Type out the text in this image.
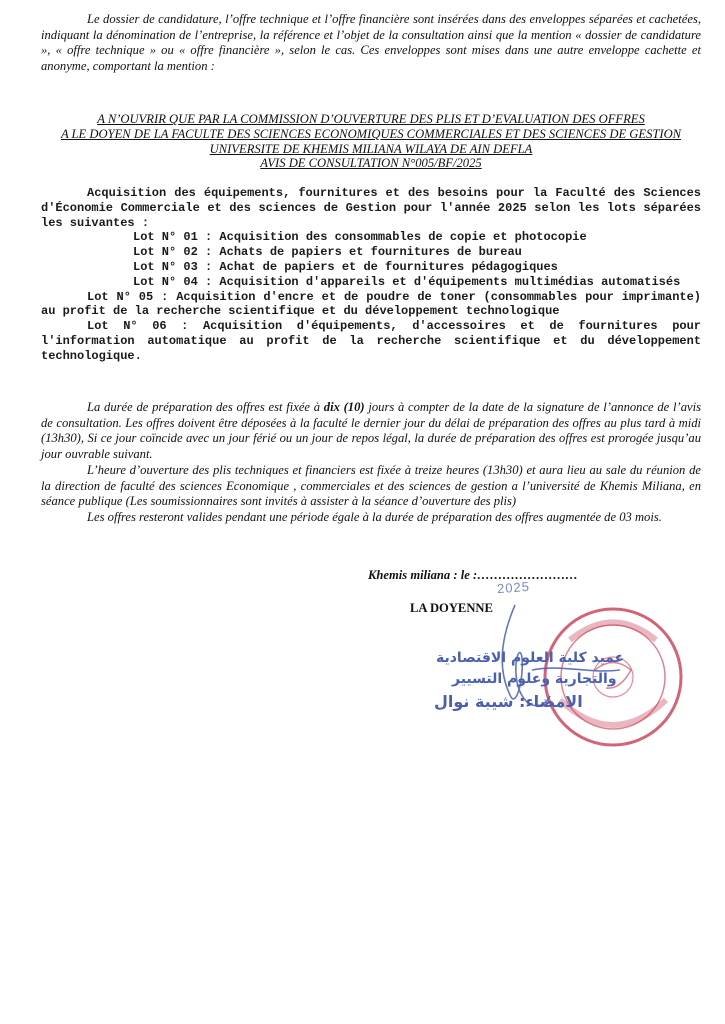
Le dossier de candidature, l’offre technique et l’offre financière sont insérées dans des enveloppes séparées et cachetées, indiquant la dénomination de l’entreprise, la référence et l’objet de la consultation ainsi que la mention « dossier de candidature », « offre technique » ou « offre financière », selon le cas. Ces enveloppes sont mises dans une autre enveloppe cachette et anonyme, comportant la mention :

A N’OUVRIR QUE PAR LA COMMISSION D’OUVERTURE DES PLIS ET D’EVALUATION DES OFFRES
A LE DOYEN DE LA FACULTE DES SCIENCES ECONOMIQUES COMMERCIALES ET DES SCIENCES DE GESTION
UNIVERSITE DE KHEMIS MILIANA WILAYA DE AIN DEFLA
AVIS DE CONSULTATION N°005/BF/2025
Acquisition des équipements, fournitures et des besoins pour la Faculté des Sciences d'Économie Commerciale et des sciences de Gestion pour l'année 2025 selon les lots séparées les suivantes :
Lot N° 01 : Acquisition des consommables de copie et photocopie
Lot N° 02 : Achats de papiers et fournitures de bureau
Lot N° 03 : Achat de papiers et de fournitures pédagogiques
Lot N° 04 : Acquisition d'appareils et d'équipements multimédias automatisés
Lot N° 05 : Acquisition d'encre et de poudre de toner (consommables pour imprimante) au profit de la recherche scientifique et du développement technologique
Lot N° 06 : Acquisition d'équipements, d'accessoires et de fournitures pour l'information automatique au profit de la recherche scientifique et du développement technologique.

La durée de préparation des offres est fixée à dix (10) jours à compter de la date de la signature de l’annonce de l’avis de consultation. Les offres doivent être déposées à la faculté le dernier jour du délai de préparation des offres au plus tard à midi (13h30), Si ce jour coïncide avec un jour férié ou un jour de repos légal, la durée de préparation des offres est prorogée jusqu’au jour ouvrable suivant.

L’heure d’ouverture des plis techniques et financiers est fixée à treize heures (13h30) et aura lieu au sale du réunion de la direction de faculté des sciences Economique , commerciales et des sciences de gestion a l’université de Khemis Miliana, en séance publique (Les soumissionnaires sont invités à assister à la séance d’ouverture des plis)

Les offres resteront valides pendant une période égale à la durée de préparation des offres augmentée de 03 mois.

Khemis miliana : le :……………………
2025
LA DOYENNE
عميد كلية العلوم الاقتصادية
والتجارية وعلوم التسيير
الامضاء: شيبة نوال
